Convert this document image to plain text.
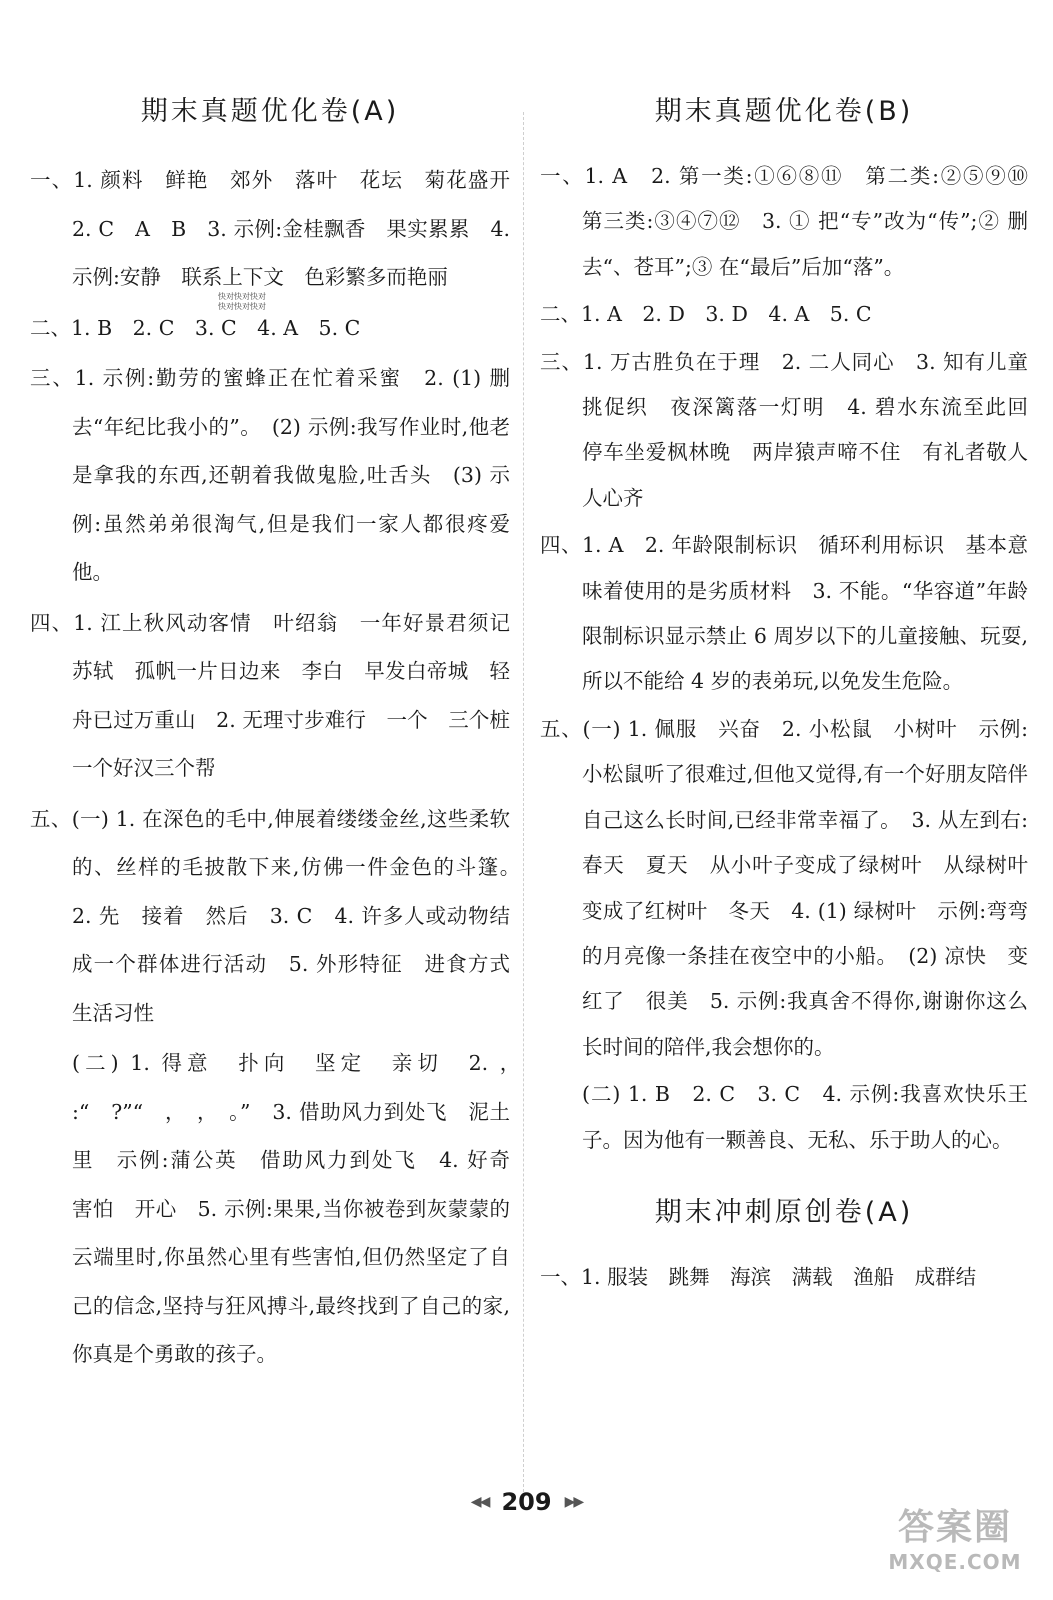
期末真题优化卷(A)

一、1. 颜料　鲜艳　郊外　落叶　花坛　菊花盛开　2. C　A　B　3. 示例:金桂飘香　果实累累　4. 示例:安静　联系上下文　色彩繁多而艳丽

二、1. B　2. C　3. C　4. A　5. C

三、1. 示例:勤劳的蜜蜂正在忙着采蜜　2. (1) 删去“年纪比我小的”。　(2) 示例:我写作业时,他老是拿我的东西,还朝着我做鬼脸,吐舌头　(3) 示例:虽然弟弟很淘气,但是我们一家人都很疼爱他。

四、1. 江上秋风动客情　叶绍翁　一年好景君须记　苏轼　孤帆一片日边来　李白　早发白帝城　轻舟已过万重山　2. 无理寸步难行　一个　三个桩　一个好汉三个帮

五、(一) 1. 在深色的毛中,伸展着缕缕金丝,这些柔软的、丝样的毛披散下来,仿佛一件金色的斗篷。　2. 先　接着　然后　3. C　4. 许多人或动物结成一个群体进行活动　5. 外形特征　进食方式　生活习性

(二) 1. 得意　扑向　坚定　亲切　2. ，　:“　?”“　，　，　。”　3. 借助风力到处飞　泥土里　示例:蒲公英　借助风力到处飞　4. 好奇　害怕　开心　5. 示例:果果,当你被卷到灰蒙蒙的云端里时,你虽然心里有些害怕,但仍然坚定了自己的信念,坚持与狂风搏斗,最终找到了自己的家,你真是个勇敢的孩子。

快对快对快对
快对快对快对
期末真题优化卷(B)

一、1. A　2. 第一类:①⑥⑧⑪　第二类:②⑤⑨⑩　第三类:③④⑦⑫　3. ① 把“专”改为“传”;② 删去“、苍耳”;③ 在“最后”后加“落”。

二、1. A　2. D　3. D　4. A　5. C

三、1. 万古胜负在于理　2. 二人同心　3. 知有儿童挑促织　夜深篱落一灯明　4. 碧水东流至此回　停车坐爱枫林晚　两岸猿声啼不住　有礼者敬人　人心齐

四、1. A　2. 年龄限制标识　循环利用标识　基本意味着使用的是劣质材料　3. 不能。“华容道”年龄限制标识显示禁止 6 周岁以下的儿童接触、玩耍,所以不能给 4 岁的表弟玩,以免发生危险。

五、(一) 1. 佩服　兴奋　2. 小松鼠　小树叶　示例:小松鼠听了很难过,但他又觉得,有一个好朋友陪伴自己这么长时间,已经非常幸福了。　3. 从左到右:春天　夏天　从小叶子变成了绿树叶　从绿树叶变成了红树叶　冬天　4. (1) 绿树叶　示例:弯弯的月亮像一条挂在夜空中的小船。　(2) 凉快　变红了　很美　5. 示例:我真舍不得你,谢谢你这么长时间的陪伴,我会想你的。

(二) 1. B　2. C　3. C　4. 示例:我喜欢快乐王子。因为他有一颗善良、无私、乐于助人的心。

期末冲刺原创卷(A)

一、1. 服装　跳舞　海滨　满载　渔船　成群结

◀◀ 209 ▶▶
答案圈
MXQE.COM
